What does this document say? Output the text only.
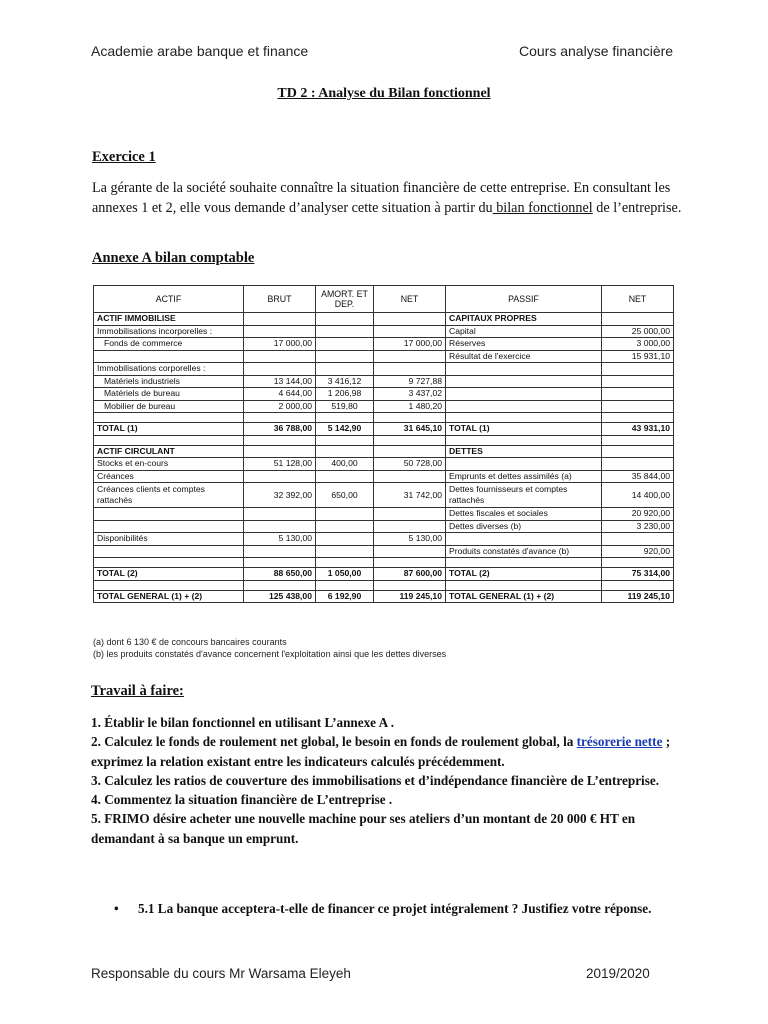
Academie arabe banque et finance	Cours analyse financière
TD 2 : Analyse du Bilan fonctionnel
Exercice 1
La gérante de la société souhaite connaître la situation financière de cette entreprise. En consultant les annexes 1 et 2, elle vous demande d’analyser cette situation à partir du bilan fonctionnel de l’entreprise.
Annexe A bilan comptable
ACTIF	BRUT	AMORT. ET DEP.	NET	PASSIF	NET
ACTIF IMMOBILISE				CAPITAUX PROPRES	
Immobilisations incorporelles :				Capital	25 000,00
Fonds de commerce	17 000,00		17 000,00	Réserves	3 000,00
				Résultat de l'exercice	15 931,10
Immobilisations corporelles :					
Matériels industriels	13 144,00	3 416,12	9 727,88		
Matériels de bureau	4 644,00	1 206,98	3 437,02		
Mobilier de bureau	2 000,00	519,80	1 480,20		

TOTAL (1)	36 788,00	5 142,90	31 645,10	TOTAL (1)	43 931,10

ACTIF CIRCULANT				DETTES	
Stocks et en-cours	51 128,00	400,00	50 728,00		
Créances				Emprunts et dettes assimilés (a)	35 844,00
Créances clients et comptes rattachés	32 392,00	650,00	31 742,00	Dettes fournisseurs et comptes rattachés	14 400,00
				Dettes fiscales et sociales	20 920,00
				Dettes diverses (b)	3 230,00
Disponibilités	5 130,00		5 130,00		
				Produits constatés d'avance (b)	920,00

TOTAL (2)	88 650,00	1 050,00	87 600,00	TOTAL (2)	75 314,00

TOTAL GENERAL (1) + (2)	125 438,00	6 192,90	119 245,10	TOTAL GENERAL (1) + (2)	119 245,10
(a) dont 6 130 € de concours bancaires courants
(b) les produits constatés d'avance concernent l'exploitation ainsi que les dettes diverses
Travail à faire:
1. Établir le bilan fonctionnel en utilisant L’annexe A .
2. Calculez le fonds de roulement net global, le besoin en fonds de roulement global, la trésorerie nette ; exprimez la relation existant entre les indicateurs calculés précédemment.
3. Calculez les ratios de couverture des immobilisations et d’indépendance financière de L’entreprise.
4. Commentez la situation financière de L’entreprise .
5. FRIMO désire acheter une nouvelle machine pour ses ateliers d’un montant de 20 000 € HT en demandant à sa banque un emprunt.
• 5.1 La banque acceptera-t-elle de financer ce projet intégralement ? Justifiez votre réponse.
Responsable du cours Mr Warsama Eleyeh	2019/2020
